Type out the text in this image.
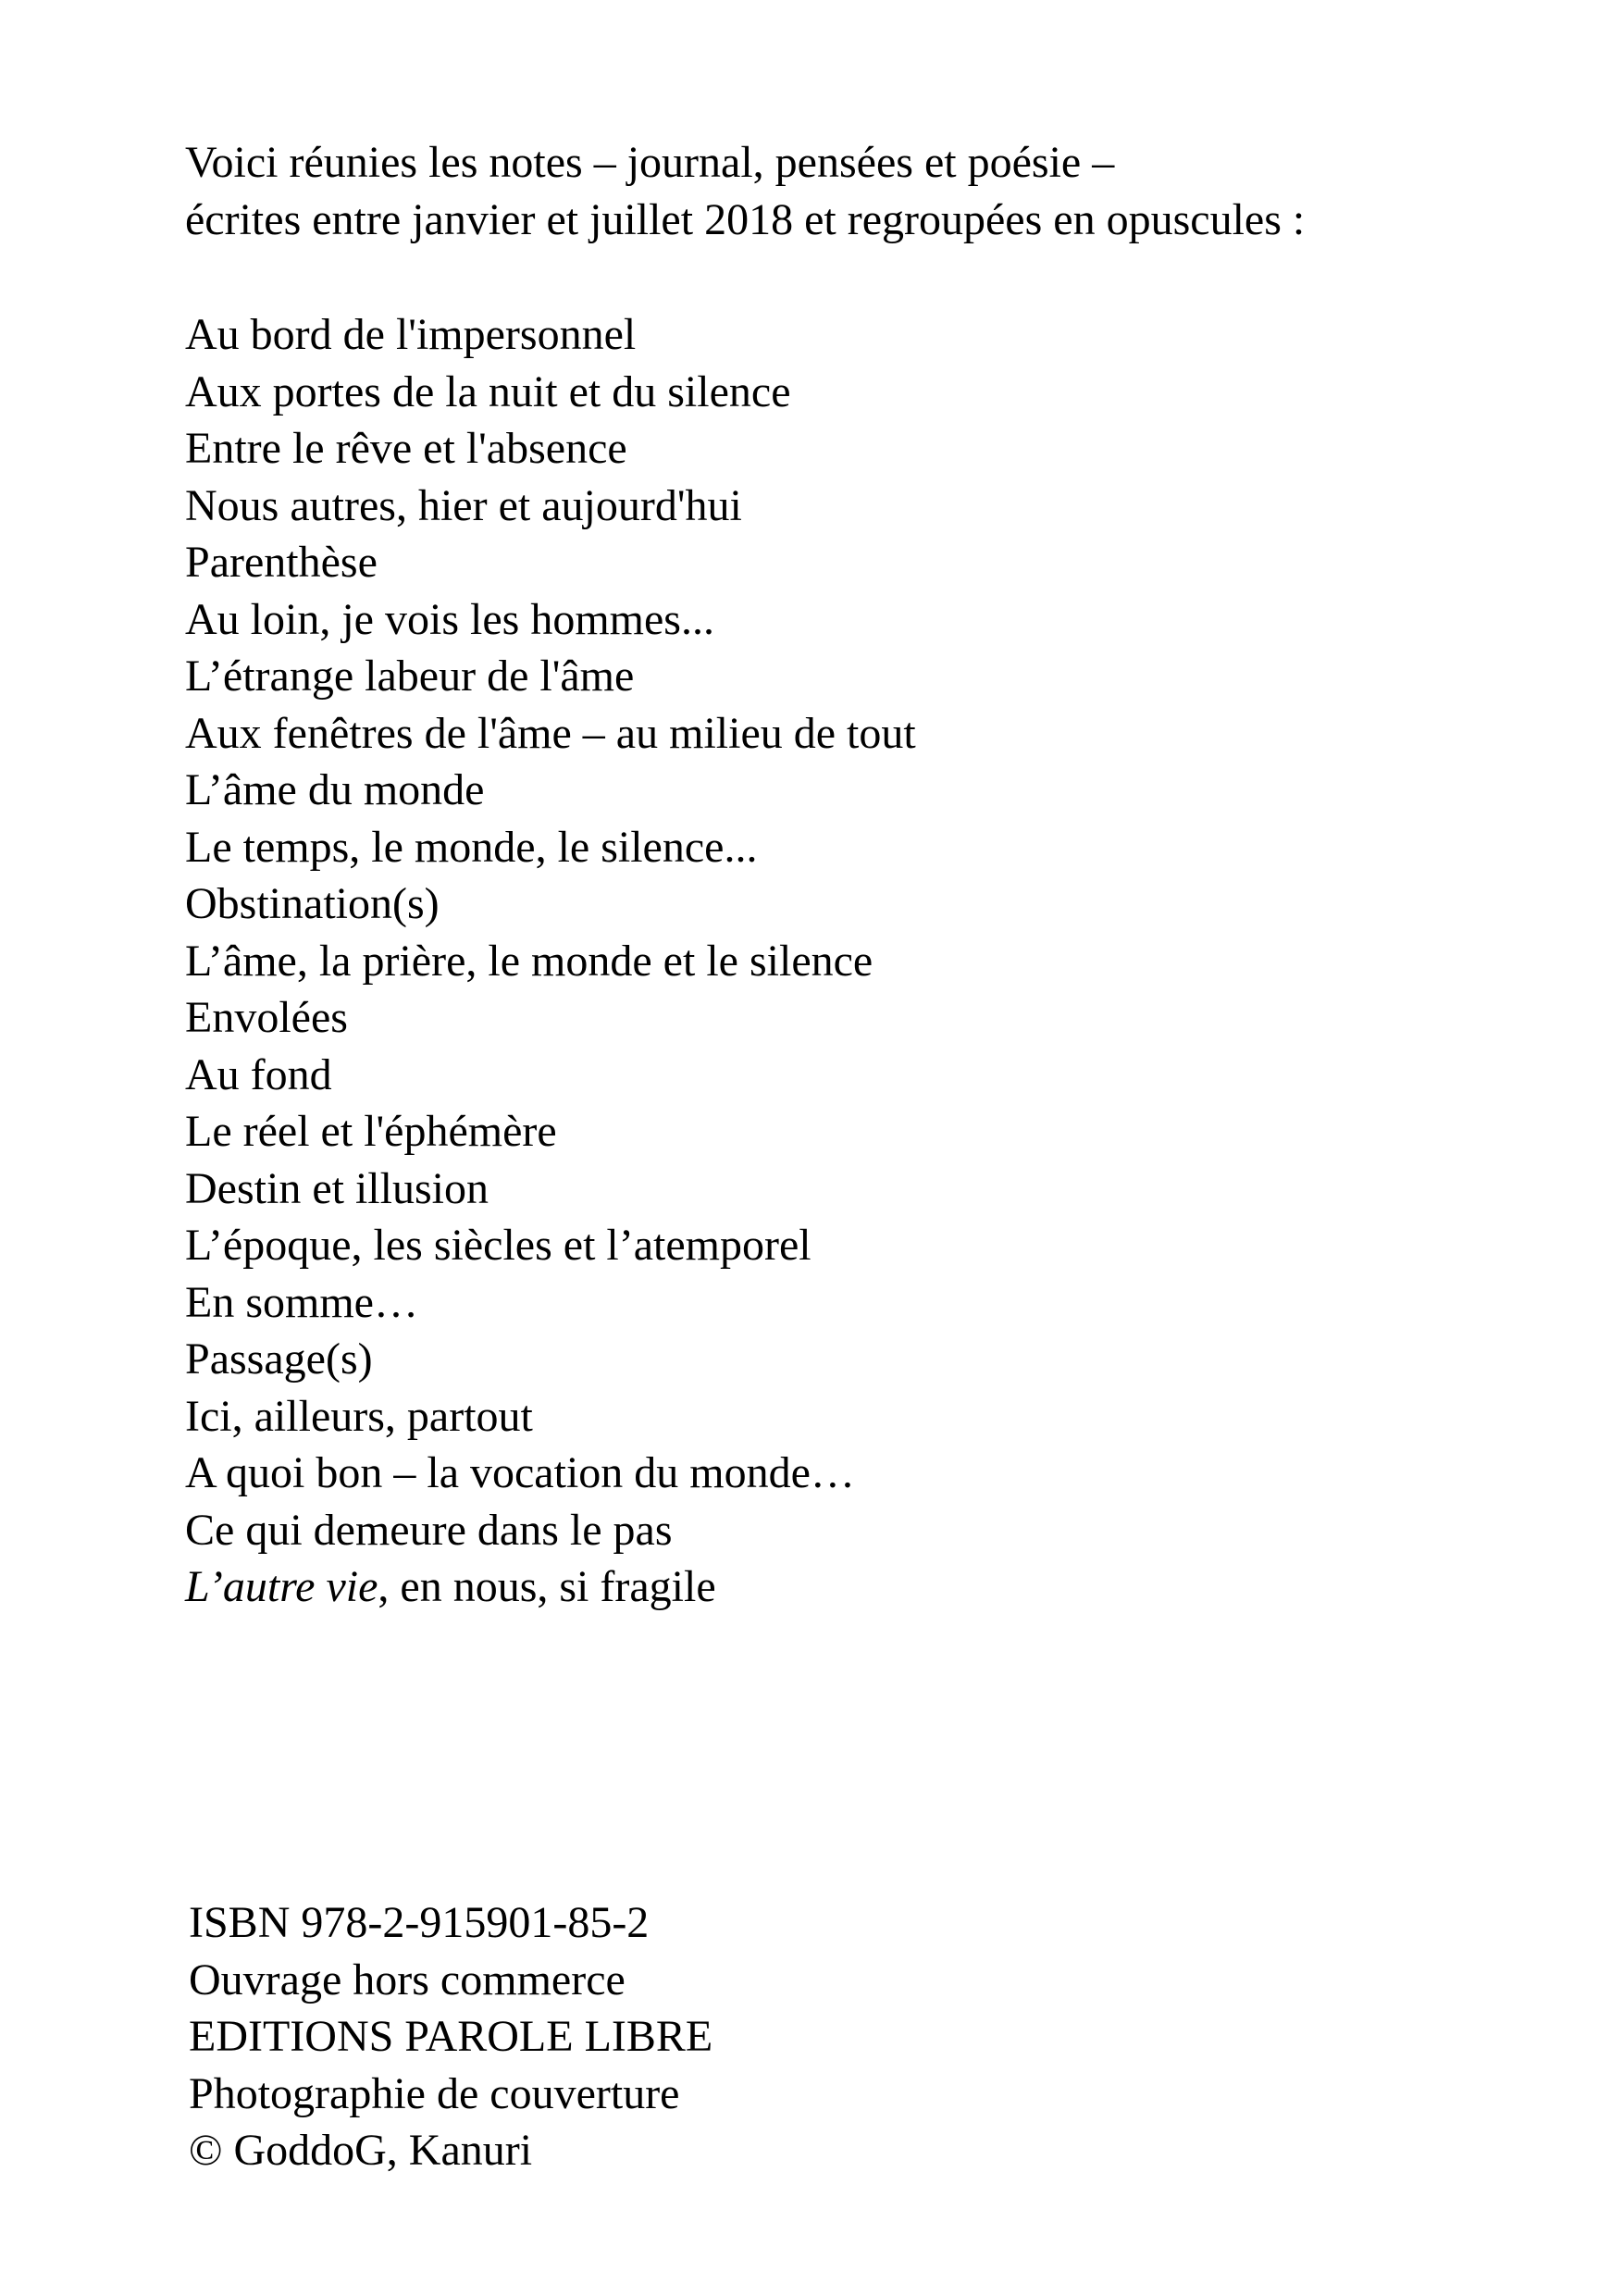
Voici réunies les notes – journal, pensées et poésie –
écrites entre janvier et juillet 2018 et regroupées en opuscules :
Au bord de l'impersonnel
Aux portes de la nuit et du silence
Entre le rêve et l'absence
Nous autres, hier et aujourd'hui
Parenthèse
Au loin, je vois les hommes...
L’étrange labeur de l'âme
Aux fenêtres de l'âme – au milieu de tout
L’âme du monde
Le temps, le monde, le silence...
Obstination(s)
L’âme, la prière, le monde et le silence
Envolées
Au fond
Le réel et l'éphémère
Destin et illusion
L’époque, les siècles et l’atemporel
En somme…
Passage(s)
Ici, ailleurs, partout
A quoi bon – la vocation du monde…
Ce qui demeure dans le pas
L’autre vie, en nous, si fragile
ISBN 978-2-915901-85-2
Ouvrage hors commerce
EDITIONS PAROLE LIBRE
Photographie de couverture
© GoddoG, Kanuri
